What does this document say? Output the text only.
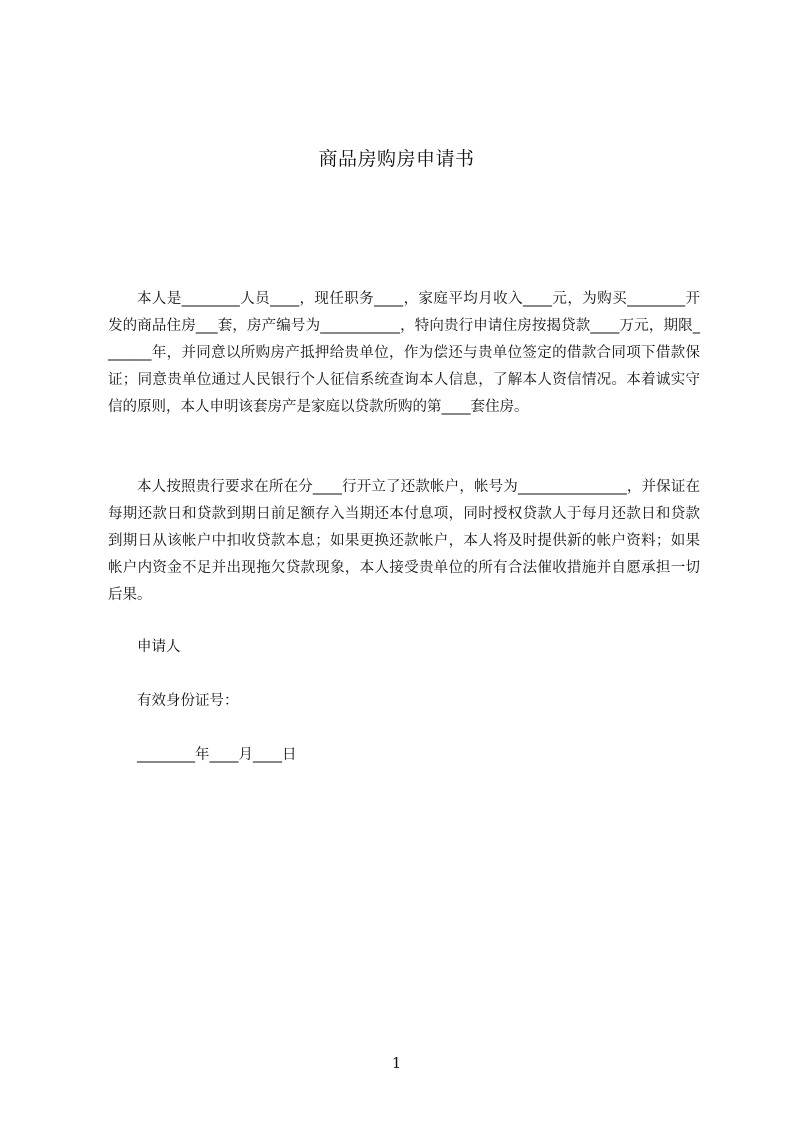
商品房购房申请书

本人是________人员____，现任职务____，家庭平均月收入____元，为购买________开发的商品住房___套，房产编号为___________，特向贵行申请住房按揭贷款____万元，期限_______年，并同意以所购房产抵押给贵单位，作为偿还与贵单位签定的借款合同项下借款保证；同意贵单位通过人民银行个人征信系统查询本人信息，了解本人资信情况。本着诚实守信的原则，本人申明该套房产是家庭以贷款所购的第____套住房。

本人按照贵行要求在所在分____行开立了还款帐户，帐号为_______________，并保证在每期还款日和贷款到期日前足额存入当期还本付息项，同时授权贷款人于每月还款日和贷款到期日从该帐户中扣收贷款本息；如果更换还款帐户，本人将及时提供新的帐户资料；如果帐户内资金不足并出现拖欠贷款现象，本人接受贵单位的所有合法催收措施并自愿承担一切后果。

申请人

有效身份证号：

________年____月____日

1
